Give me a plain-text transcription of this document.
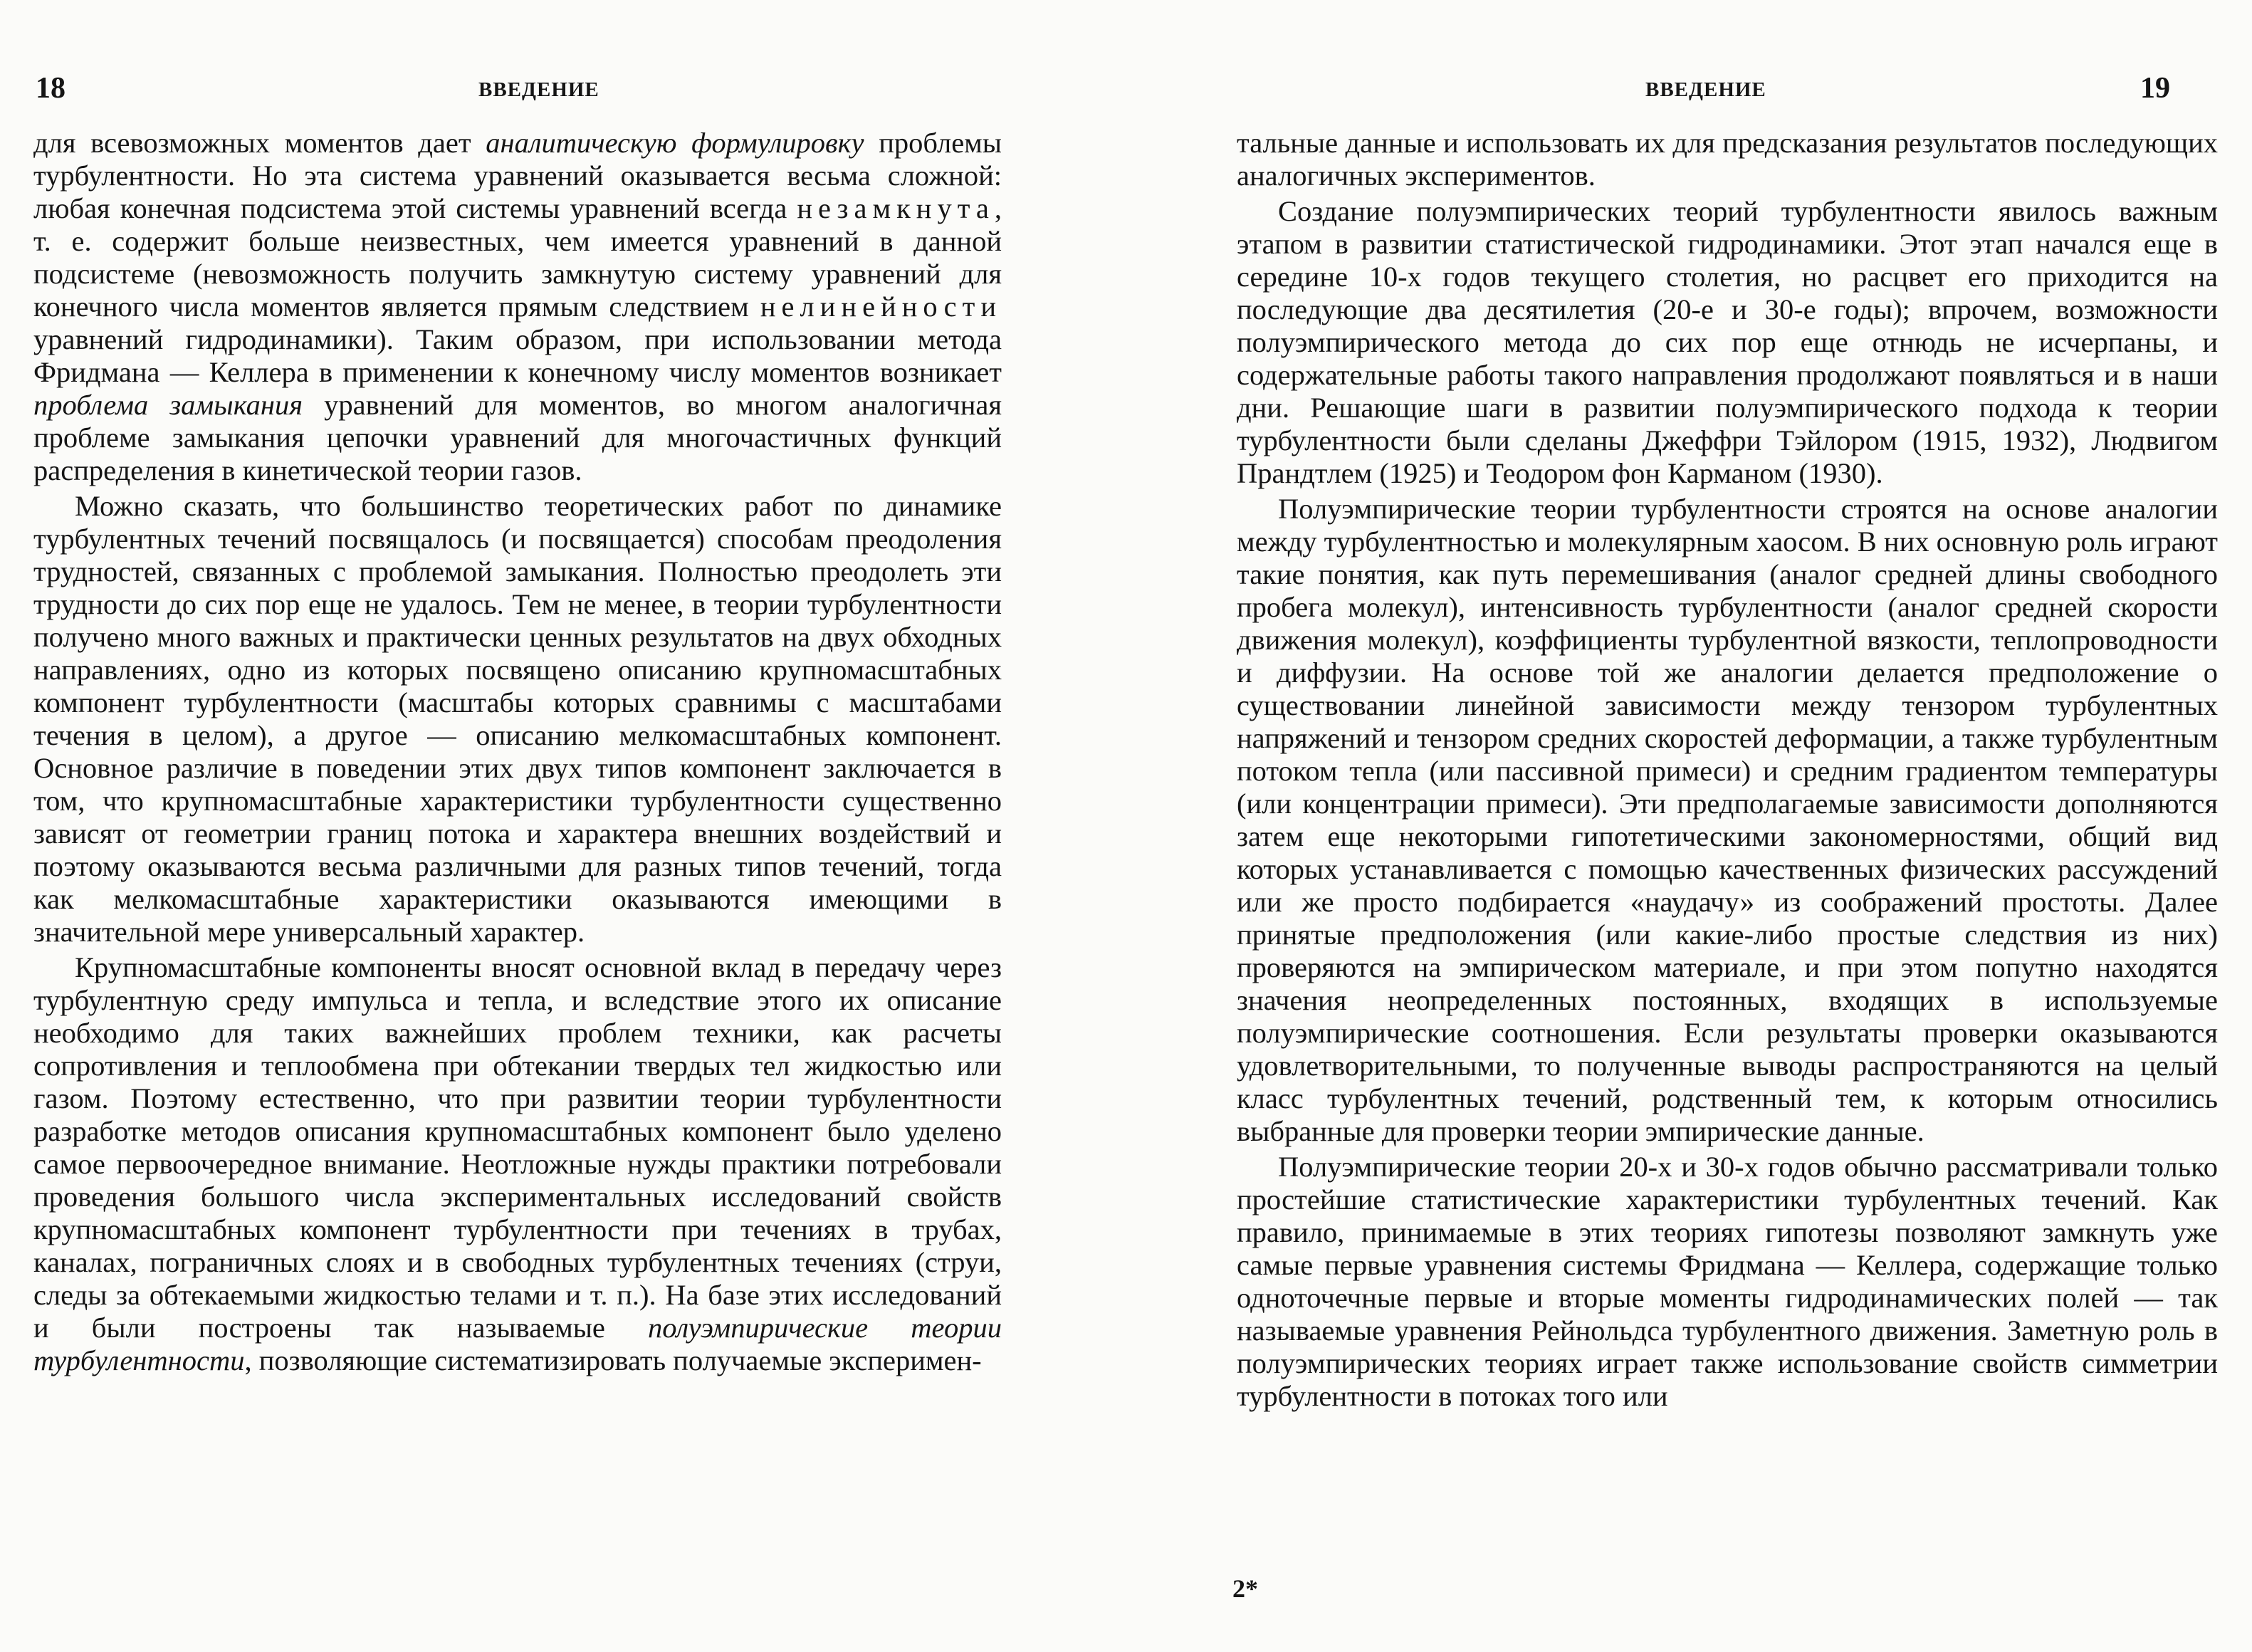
18	ВВЕДЕНИЕ

для всевозможных моментов дает аналитическую формулировку проблемы турбулентности. Но эта система уравнений оказывается весьма сложной: любая конечная подсистема этой системы уравнений всегда незамкнута, т. е. содержит больше неизвестных, чем имеется уравнений в данной подсистеме (невозможность получить замкнутую систему уравнений для конечного числа моментов является прямым следствием нелинейности уравнений гидродинамики). Таким образом, при использовании метода Фридмана — Келлера в применении к конечному числу моментов возникает проблема замыкания уравнений для моментов, во многом аналогичная проблеме замыкания цепочки уравнений для многочастичных функций распределения в кинетической теории газов.

Можно сказать, что большинство теоретических работ по динамике турбулентных течений посвящалось (и посвящается) способам преодоления трудностей, связанных с проблемой замыкания. Полностью преодолеть эти трудности до сих пор еще не удалось. Тем не менее, в теории турбулентности получено много важных и практически ценных результатов на двух обходных направлениях, одно из которых посвящено описанию крупномасштабных компонент турбулентности (масштабы которых сравнимы с масштабами течения в целом), а другое — описанию мелкомасштабных компонент. Основное различие в поведении этих двух типов компонент заключается в том, что крупномасштабные характеристики турбулентности существенно зависят от геометрии границ потока и характера внешних воздействий и поэтому оказываются весьма различными для разных типов течений, тогда как мелкомасштабные характеристики оказываются имеющими в значительной мере универсальный характер.

Крупномасштабные компоненты вносят основной вклад в передачу через турбулентную среду импульса и тепла, и вследствие этого их описание необходимо для таких важнейших проблем техники, как расчеты сопротивления и теплообмена при обтекании твердых тел жидкостью или газом. Поэтому естественно, что при развитии теории турбулентности разработке методов описания крупномасштабных компонент было уделено самое первоочередное внимание. Неотложные нужды практики потребовали проведения большого числа экспериментальных исследований свойств крупномасштабных компонент турбулентности при течениях в трубах, каналах, пограничных слоях и в свободных турбулентных течениях (струи, следы за обтекаемыми жидкостью телами и т. п.). На базе этих исследований и были построены так называемые полуэмпирические теории турбулентности, позволяющие систематизировать получаемые эксперимен-

ВВЕДЕНИЕ	19

тальные данные и использовать их для предсказания результатов последующих аналогичных экспериментов.

Создание полуэмпирических теорий турбулентности явилось важным этапом в развитии статистической гидродинамики. Этот этап начался еще в середине 10-х годов текущего столетия, но расцвет его приходится на последующие два десятилетия (20-е и 30-е годы); впрочем, возможности полуэмпирического метода до сих пор еще отнюдь не исчерпаны, и содержательные работы такого направления продолжают появляться и в наши дни. Решающие шаги в развитии полуэмпирического подхода к теории турбулентности были сделаны Джеффри Тэйлором (1915, 1932), Людвигом Прандтлем (1925) и Теодором фон Карманом (1930).

Полуэмпирические теории турбулентности строятся на основе аналогии между турбулентностью и молекулярным хаосом. В них основную роль играют такие понятия, как путь перемешивания (аналог средней длины свободного пробега молекул), интенсивность турбулентности (аналог средней скорости движения молекул), коэффициенты турбулентной вязкости, теплопроводности и диффузии. На основе той же аналогии делается предположение о существовании линейной зависимости между тензором турбулентных напряжений и тензором средних скоростей деформации, а также турбулентным потоком тепла (или пассивной примеси) и средним градиентом температуры (или концентрации примеси). Эти предполагаемые зависимости дополняются затем еще некоторыми гипотетическими закономерностями, общий вид которых устанавливается с помощью качественных физических рассуждений или же просто подбирается «наудачу» из соображений простоты. Далее принятые предположения (или какие-либо простые следствия из них) проверяются на эмпирическом материале, и при этом попутно находятся значения неопределенных постоянных, входящих в используемые полуэмпирические соотношения. Если результаты проверки оказываются удовлетворительными, то полученные выводы распространяются на целый класс турбулентных течений, родственный тем, к которым относились выбранные для проверки теории эмпирические данные.

Полуэмпирические теории 20-х и 30-х годов обычно рассматривали только простейшие статистические характеристики турбулентных течений. Как правило, принимаемые в этих теориях гипотезы позволяют замкнуть уже самые первые уравнения системы Фридмана — Келлера, содержащие только одноточечные первые и вторые моменты гидродинамических полей — так называемые уравнения Рейнольдса турбулентного движения. Заметную роль в полуэмпирических теориях играет также использование свойств симметрии турбулентности в потоках того или

2*
